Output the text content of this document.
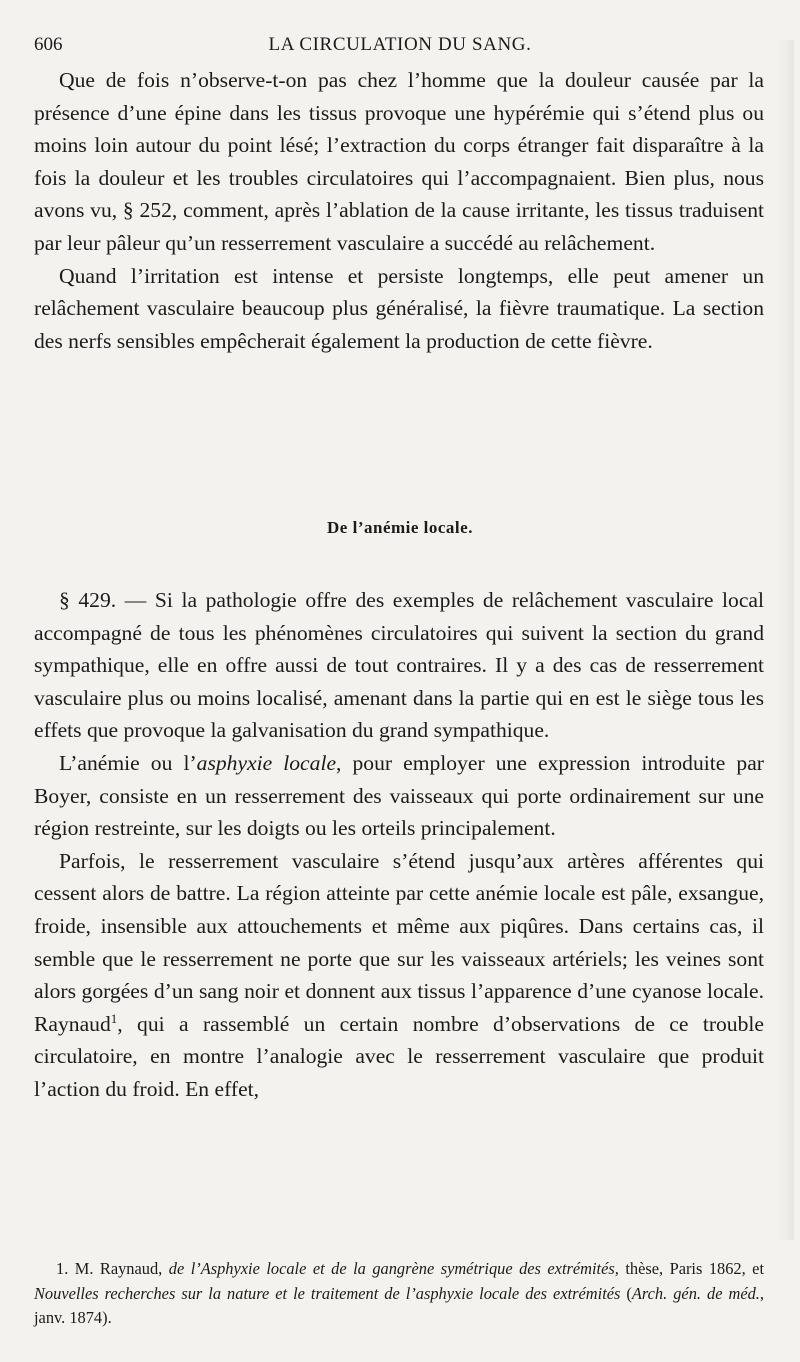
606	LA CIRCULATION DU SANG.

Que de fois n’observe-t-on pas chez l’homme que la douleur causée par la présence d’une épine dans les tissus provoque une hypérémie qui s’étend plus ou moins loin autour du point lésé; l’extraction du corps étranger fait disparaître à la fois la douleur et les troubles circulatoires qui l’accompagnaient. Bien plus, nous avons vu, § 252, comment, après l’ablation de la cause irritante, les tissus traduisent par leur pâleur qu’un resserrement vasculaire a succédé au relâchement.

Quand l’irritation est intense et persiste longtemps, elle peut amener un relâchement vasculaire beaucoup plus généralisé, la fièvre traumatique. La section des nerfs sensibles empêcherait également la production de cette fièvre.

De l’anémie locale.

§ 429. — Si la pathologie offre des exemples de relâchement vasculaire local accompagné de tous les phénomènes circulatoires qui suivent la section du grand sympathique, elle en offre aussi de tout contraires. Il y a des cas de resserrement vasculaire plus ou moins localisé, amenant dans la partie qui en est le siège tous les effets que provoque la galvanisation du grand sympathique.

L’anémie ou l’asphyxie locale, pour employer une expression introduite par Boyer, consiste en un resserrement des vaisseaux qui porte ordinairement sur une région restreinte, sur les doigts ou les orteils principalement.

Parfois, le resserrement vasculaire s’étend jusqu’aux artères afférentes qui cessent alors de battre. La région atteinte par cette anémie locale est pâle, exsangue, froide, insensible aux attouchements et même aux piqûres. Dans certains cas, il semble que le resserrement ne porte que sur les vaisseaux artériels; les veines sont alors gorgées d’un sang noir et donnent aux tissus l’apparence d’une cyanose locale. Raynaud$^1$, qui a rassemblé un certain nombre d’observations de ce trouble circulatoire, en montre l’analogie avec le resserrement vasculaire que produit l’action du froid. En effet,

1. M. Raynaud, de l’Asphyxie locale et de la gangrène symétrique des extrémités, thèse, Paris 1862, et Nouvelles recherches sur la nature et le traitement de l’asphyxie locale des extrémités (Arch. gén. de méd., janv. 1874).
